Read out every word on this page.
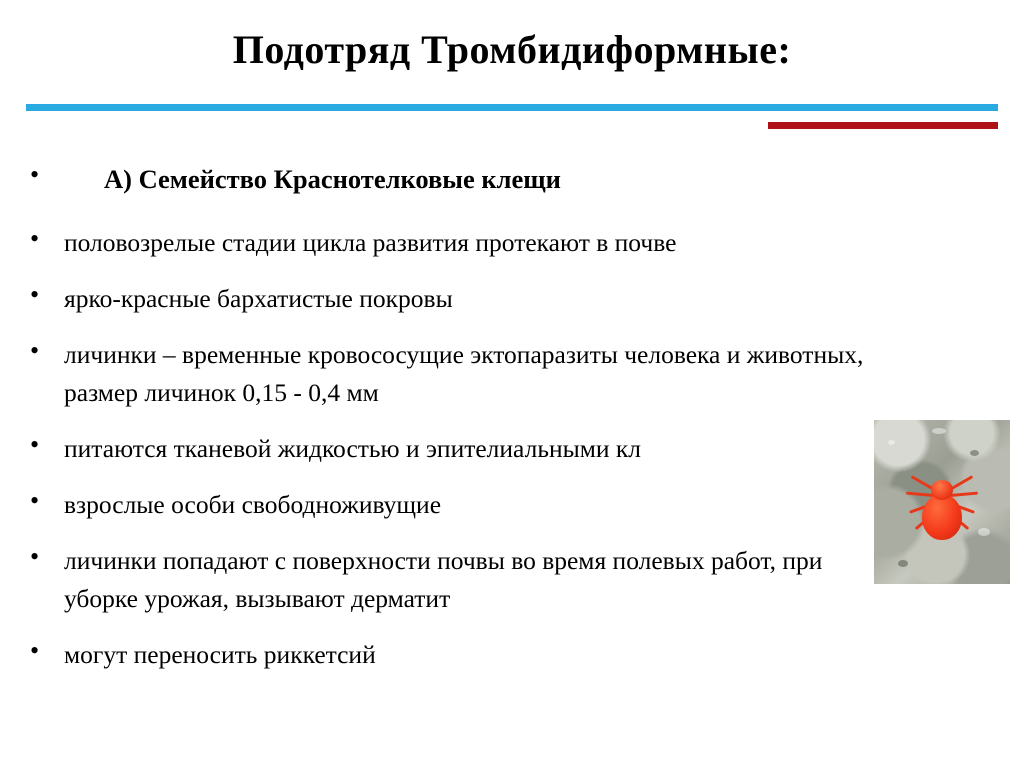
Подотряд Тромбидиформные:
•	А) Семейство Краснотелковые клещи
• половозрелые стадии цикла развития протекают в почве
• ярко-красные бархатистые покровы
• личинки – временные кровососущие эктопаразиты человека и животных, размер личинок 0,15 - 0,4 мм
• питаются тканевой жидкостью и эпителиальными кл
• взрослые особи свободноживущие
• личинки попадают с поверхности почвы во время полевых работ, при уборке урожая, вызывают дерматит
• могут переносить риккетсий
